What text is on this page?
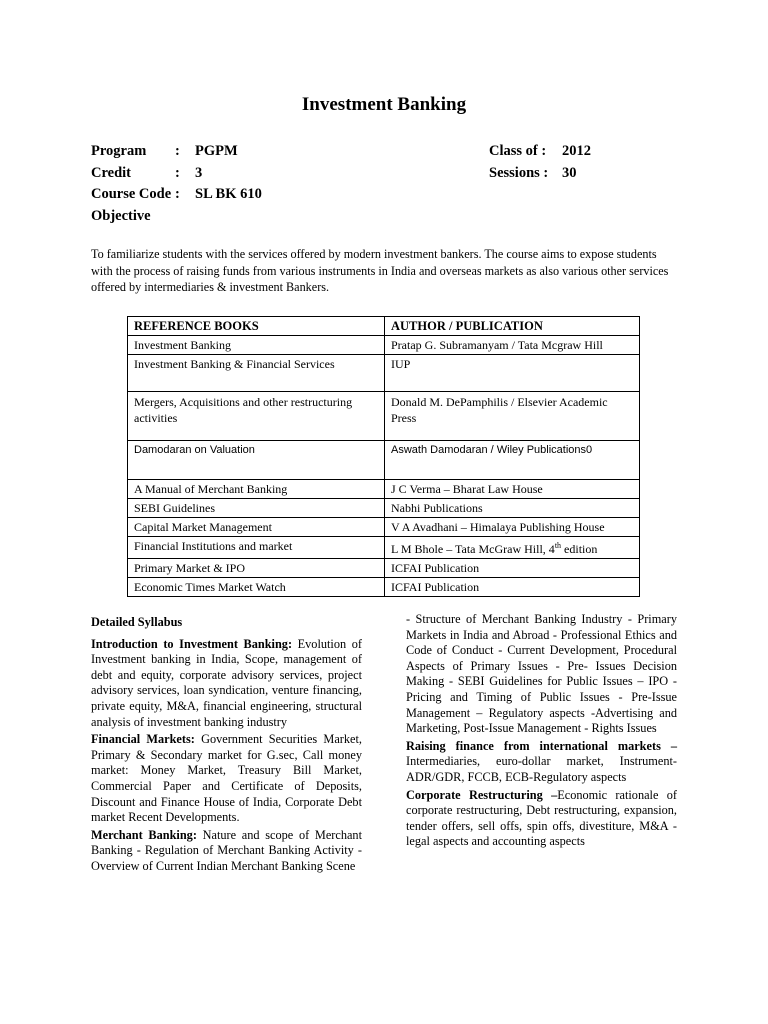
Investment Banking
Program : PGPM
Credit	: 3
Course Code : SL BK 610
Objective
Class of : 2012
Sessions : 30
To familiarize students with the services offered by modern investment bankers. The course aims to expose students with the process of raising funds from various instruments in India and overseas markets as also various other services offered by intermediaries & investment Bankers.
REFERENCE BOOKS	AUTHOR / PUBLICATION
Investment Banking	Pratap G. Subramanyam / Tata Mcgraw Hill
Investment Banking & Financial Services	IUP
Mergers, Acquisitions and other restructuring activities	Donald M. DePamphilis / Elsevier Academic Press
Damodaran on Valuation	Aswath Damodaran / Wiley Publications0
A Manual of Merchant Banking	J C Verma – Bharat Law House
SEBI Guidelines	Nabhi Publications
Capital Market Management	V A Avadhani – Himalaya Publishing House
Financial Institutions and market	L M Bhole – Tata McGraw Hill, 4th edition
Primary Market & IPO	ICFAI Publication
Economic Times Market Watch	ICFAI Publication

Detailed Syllabus

Introduction to Investment Banking: Evolution of Investment banking in India, Scope, management of debt and equity, corporate advisory services, project advisory services, loan syndication, venture financing, private equity, M&A, financial engineering, structural analysis of investment banking industry

Financial Markets: Government Securities Market, Primary & Secondary market for G.sec, Call money market: Money Market, Treasury Bill Market, Commercial Paper and Certificate of Deposits, Discount and Finance House of India, Corporate Debt market Recent Developments.

Merchant Banking: Nature and scope of Merchant Banking - Regulation of Merchant Banking Activity - Overview of Current Indian Merchant Banking Scene

- Structure of Merchant Banking Industry - Primary Markets in India and Abroad - Professional Ethics and Code of Conduct - Current Development, Procedural Aspects of Primary Issues - Pre- Issues Decision Making - SEBI Guidelines for Public Issues – IPO -Pricing and Timing of Public Issues - Pre-Issue Management – Regulatory aspects -Advertising and Marketing, Post-Issue Management - Rights Issues

Raising finance from international markets – Intermediaries, euro-dollar market, Instrument-ADR/GDR, FCCB, ECB-Regulatory aspects

Corporate Restructuring –Economic rationale of corporate restructuring, Debt restructuring, expansion, tender offers, sell offs, spin offs, divestiture, M&A - legal aspects and accounting aspects
